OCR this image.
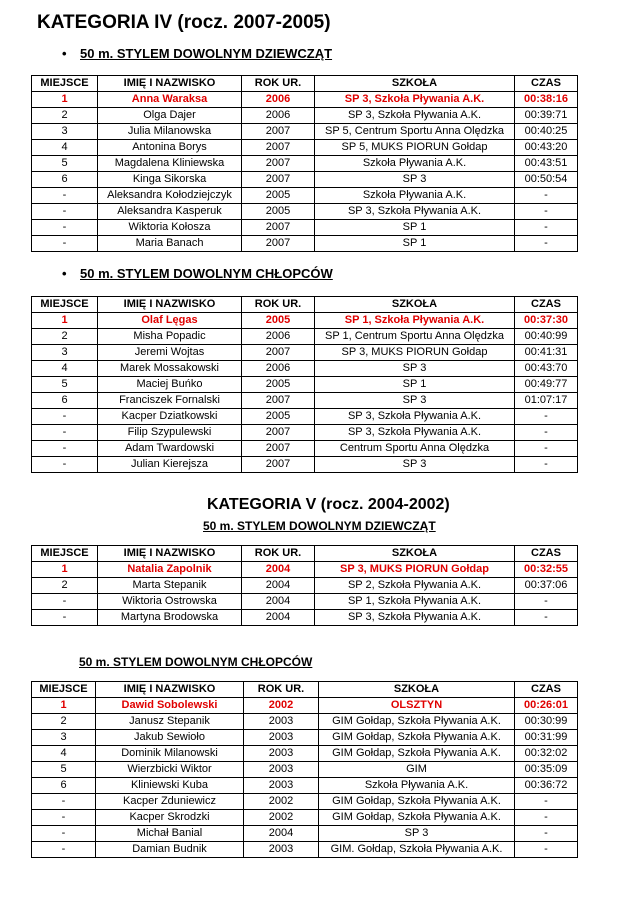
KATEGORIA IV (rocz. 2007-2005)
• 50 m. STYLEM DOWOLNYM DZIEWCZĄT
MIEJSCE	IMIĘ I NAZWISKO	ROK UR.	SZKOŁA	CZAS
1	Anna Waraksa	2006	SP 3, Szkoła Pływania A.K.	00:38:16
2	Olga Dajer	2006	SP 3, Szkoła Pływania A.K.	00:39:71
3	Julia Milanowska	2007	SP 5, Centrum Sportu Anna Olędzka	00:40:25
4	Antonina Borys	2007	SP 5, MUKS PIORUN Gołdap	00:43:20
5	Magdalena Kliniewska	2007	Szkoła Pływania A.K.	00:43:51
6	Kinga Sikorska	2007	SP 3	00:50:54
-	Aleksandra Kołodziejczyk	2005	Szkoła Pływania A.K.	-
-	Aleksandra Kasperuk	2005	SP 3, Szkoła Pływania A.K.	-
-	Wiktoria Kołosza	2007	SP 1	-
-	Maria Banach	2007	SP 1	-
• 50 m. STYLEM DOWOLNYM CHŁOPCÓW
MIEJSCE	IMIĘ I NAZWISKO	ROK UR.	SZKOŁA	CZAS
1	Olaf Lęgas	2005	SP 1, Szkoła Pływania A.K.	00:37:30
2	Misha Popadic	2006	SP 1, Centrum Sportu Anna Olędzka	00:40:99
3	Jeremi Wojtas	2007	SP 3, MUKS PIORUN Gołdap	00:41:31
4	Marek Mossakowski	2006	SP 3	00:43:70
5	Maciej Buńko	2005	SP 1	00:49:77
6	Franciszek Fornalski	2007	SP 3	01:07:17
-	Kacper Dziatkowski	2005	SP 3, Szkoła Pływania A.K.	-
-	Filip Szypulewski	2007	SP 3, Szkoła Pływania A.K.	-
-	Adam Twardowski	2007	Centrum Sportu Anna Olędzka	-
-	Julian Kierejsza	2007	SP 3	-
KATEGORIA V (rocz. 2004-2002)
50 m. STYLEM DOWOLNYM DZIEWCZĄT
MIEJSCE	IMIĘ I NAZWISKO	ROK UR.	SZKOŁA	CZAS
1	Natalia Zapolnik	2004	SP 3, MUKS PIORUN Gołdap	00:32:55
2	Marta Stepanik	2004	SP 2, Szkoła Pływania A.K.	00:37:06
-	Wiktoria Ostrowska	2004	SP 1, Szkoła Pływania A.K.	-
-	Martyna Brodowska	2004	SP 3, Szkoła Pływania A.K.	-
50 m. STYLEM DOWOLNYM CHŁOPCÓW
MIEJSCE	IMIĘ I NAZWISKO	ROK UR.	SZKOŁA	CZAS
1	Dawid Sobolewski	2002	OLSZTYN	00:26:01
2	Janusz Stepanik	2003	GIM Gołdap, Szkoła Pływania A.K.	00:30:99
3	Jakub Sewioło	2003	GIM Gołdap, Szkoła Pływania A.K.	00:31:99
4	Dominik Milanowski	2003	GIM Gołdap, Szkoła Pływania A.K.	00:32:02
5	Wierzbicki Wiktor	2003	GIM	00:35:09
6	Kliniewski Kuba	2003	Szkoła Pływania A.K.	00:36:72
-	Kacper Zduniewicz	2002	GIM Gołdap, Szkoła Pływania A.K.	-
-	Kacper Skrodzki	2002	GIM Gołdap, Szkoła Pływania A.K.	-
-	Michał Banial	2004	SP 3	-
-	Damian Budnik	2003	GIM. Gołdap, Szkoła Pływania A.K.	-
